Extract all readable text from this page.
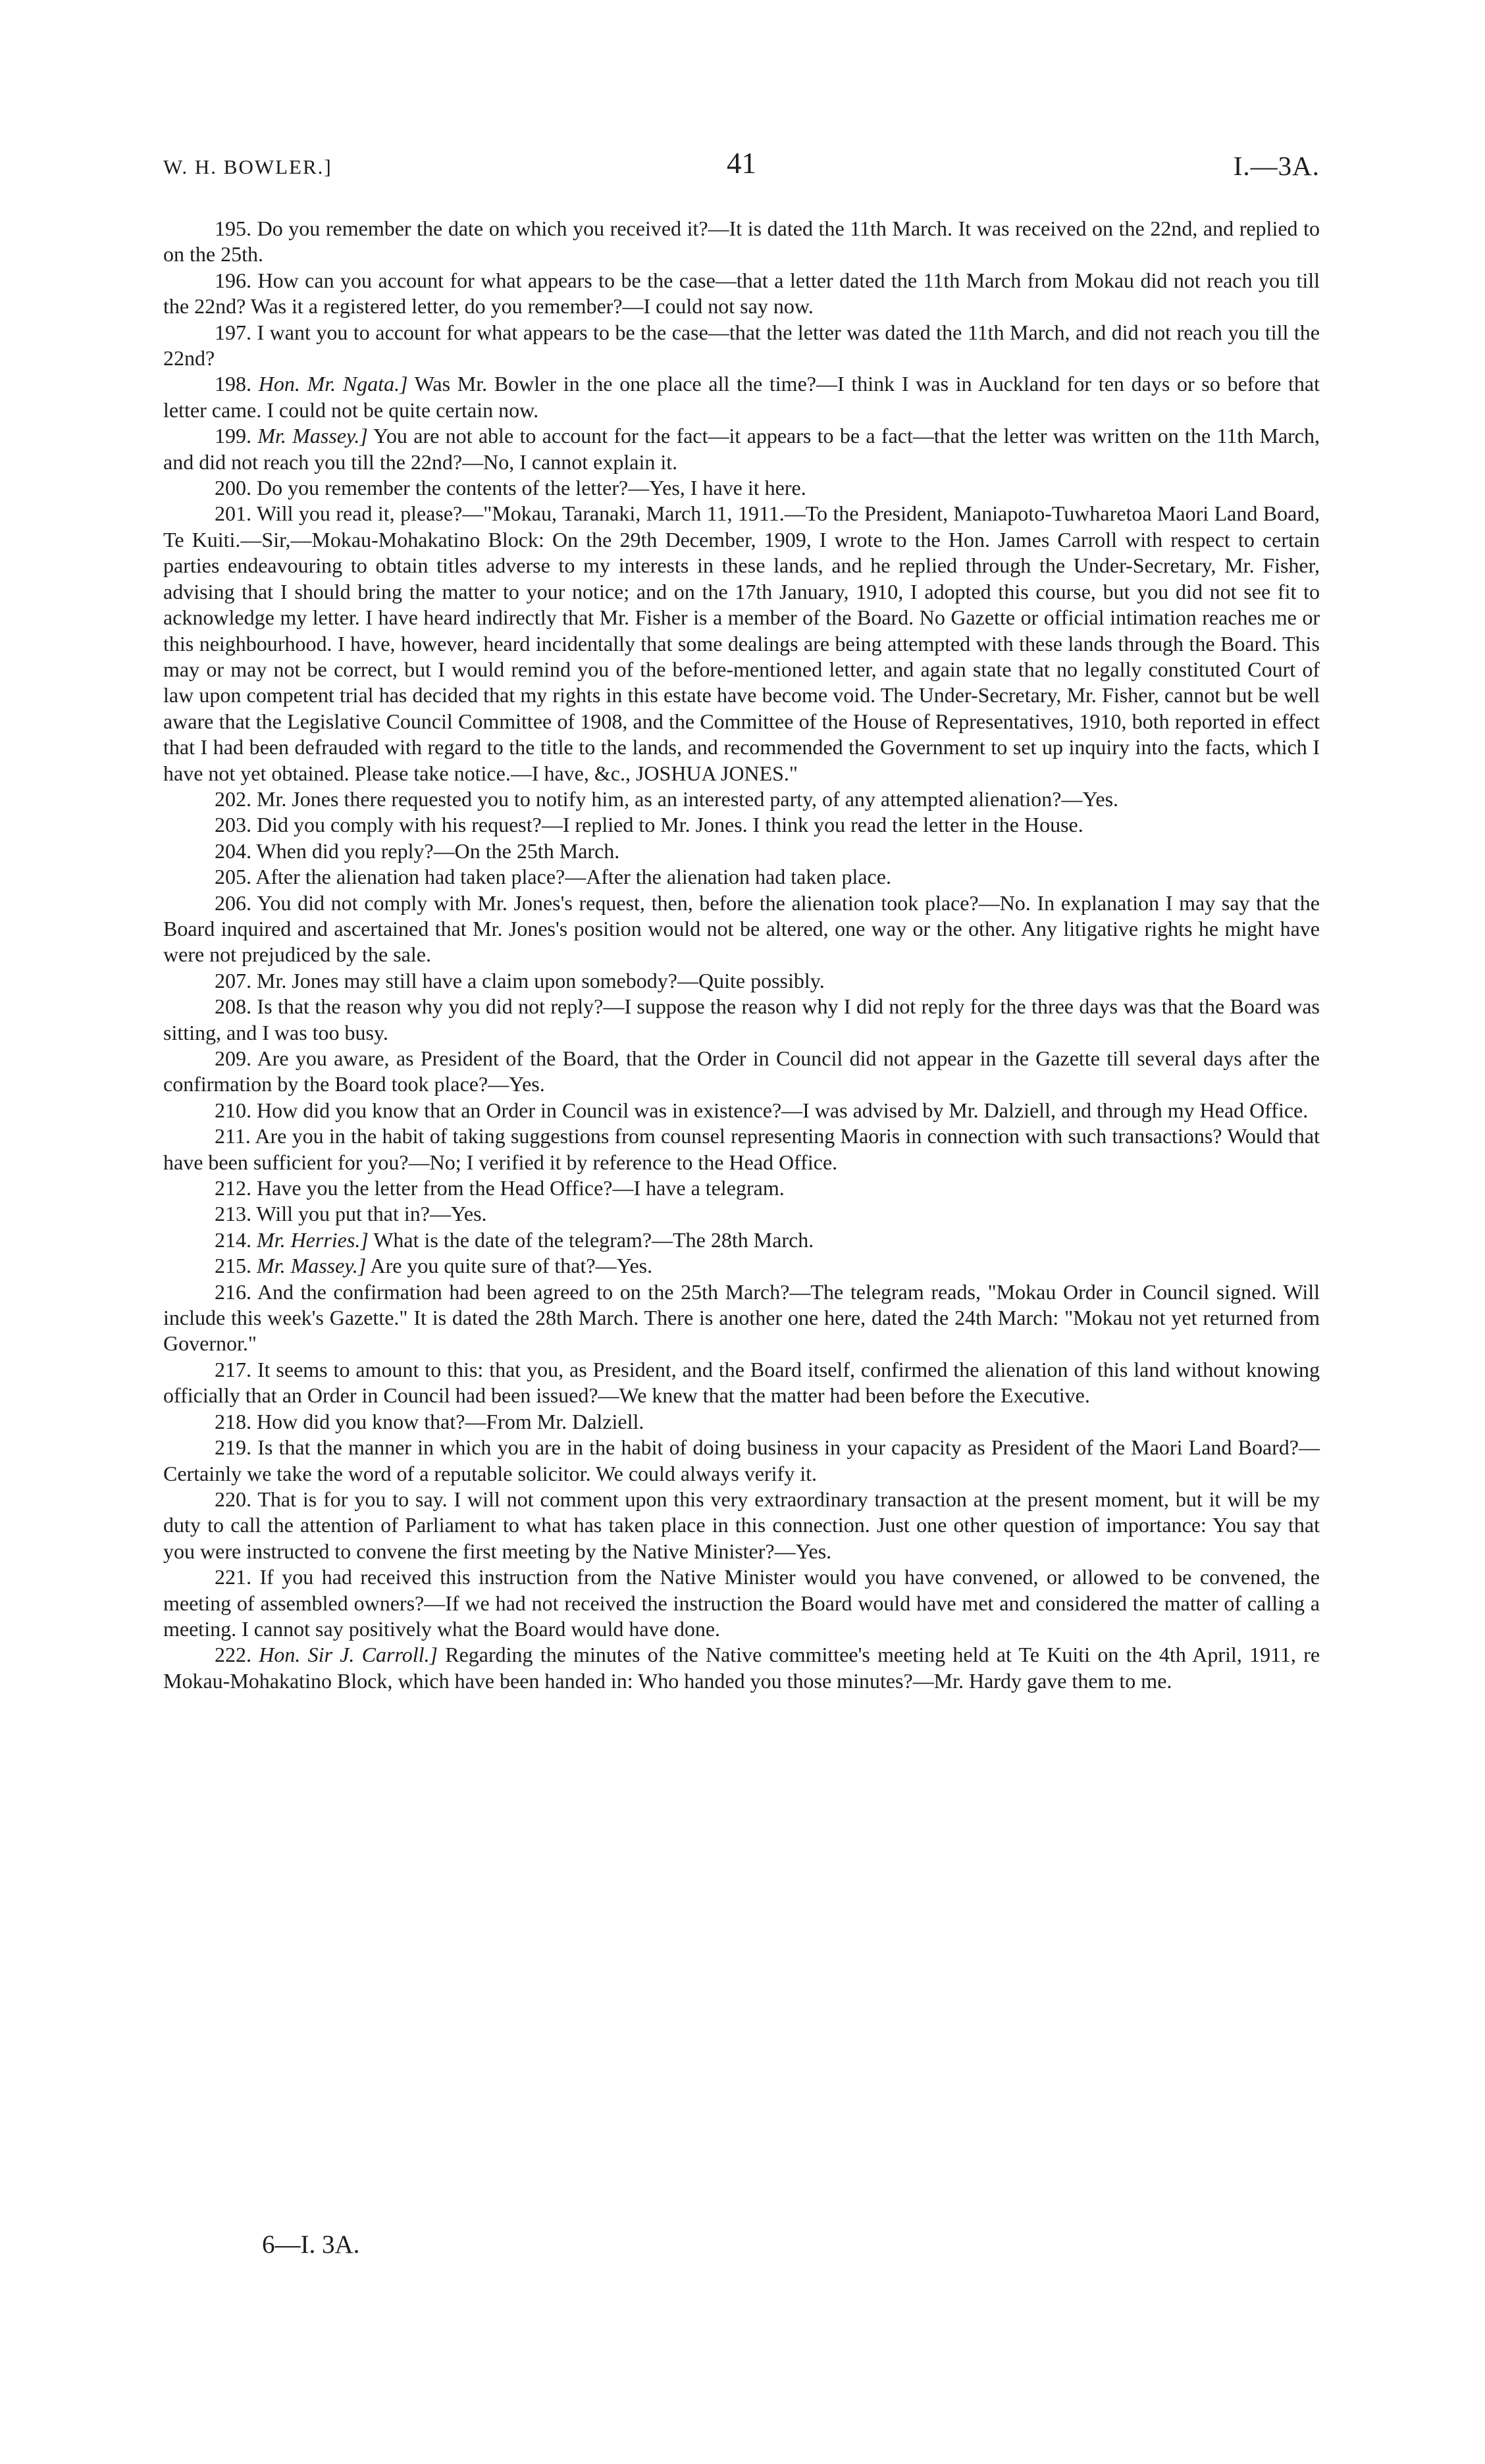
W. H. BOWLER.]	41	I.—3A.

195. Do you remember the date on which you received it?—It is dated the 11th March. It was received on the 22nd, and replied to on the 25th.

196. How can you account for what appears to be the case—that a letter dated the 11th March from Mokau did not reach you till the 22nd? Was it a registered letter, do you remember?—I could not say now.

197. I want you to account for what appears to be the case—that the letter was dated the 11th March, and did not reach you till the 22nd?

198. Hon. Mr. Ngata.] Was Mr. Bowler in the one place all the time?—I think I was in Auckland for ten days or so before that letter came. I could not be quite certain now.

199. Mr. Massey.] You are not able to account for the fact—it appears to be a fact—that the letter was written on the 11th March, and did not reach you till the 22nd?—No, I cannot explain it.

200. Do you remember the contents of the letter?—Yes, I have it here.

201. Will you read it, please?—"Mokau, Taranaki, March 11, 1911.—To the President, Maniapoto-Tuwharetoa Maori Land Board, Te Kuiti.—Sir,—Mokau-Mohakatino Block: On the 29th December, 1909, I wrote to the Hon. James Carroll with respect to certain parties endeavouring to obtain titles adverse to my interests in these lands, and he replied through the Under-Secretary, Mr. Fisher, advising that I should bring the matter to your notice; and on the 17th January, 1910, I adopted this course, but you did not see fit to acknowledge my letter. I have heard indirectly that Mr. Fisher is a member of the Board. No Gazette or official intimation reaches me or this neighbourhood. I have, however, heard incidentally that some dealings are being attempted with these lands through the Board. This may or may not be correct, but I would remind you of the before-mentioned letter, and again state that no legally constituted Court of law upon competent trial has decided that my rights in this estate have become void. The Under-Secretary, Mr. Fisher, cannot but be well aware that the Legislative Council Committee of 1908, and the Committee of the House of Representatives, 1910, both reported in effect that I had been defrauded with regard to the title to the lands, and recommended the Government to set up inquiry into the facts, which I have not yet obtained. Please take notice.—I have, &c., JOSHUA JONES."

202. Mr. Jones there requested you to notify him, as an interested party, of any attempted alienation?—Yes.

203. Did you comply with his request?—I replied to Mr. Jones. I think you read the letter in the House.

204. When did you reply?—On the 25th March.

205. After the alienation had taken place?—After the alienation had taken place.

206. You did not comply with Mr. Jones's request, then, before the alienation took place?—No. In explanation I may say that the Board inquired and ascertained that Mr. Jones's position would not be altered, one way or the other. Any litigative rights he might have were not prejudiced by the sale.

207. Mr. Jones may still have a claim upon somebody?—Quite possibly.

208. Is that the reason why you did not reply?—I suppose the reason why I did not reply for the three days was that the Board was sitting, and I was too busy.

209. Are you aware, as President of the Board, that the Order in Council did not appear in the Gazette till several days after the confirmation by the Board took place?—Yes.

210. How did you know that an Order in Council was in existence?—I was advised by Mr. Dalziell, and through my Head Office.

211. Are you in the habit of taking suggestions from counsel representing Maoris in connection with such transactions? Would that have been sufficient for you?—No; I verified it by reference to the Head Office.

212. Have you the letter from the Head Office?—I have a telegram.

213. Will you put that in?—Yes.

214. Mr. Herries.] What is the date of the telegram?—The 28th March.

215. Mr. Massey.] Are you quite sure of that?—Yes.

216. And the confirmation had been agreed to on the 25th March?—The telegram reads, "Mokau Order in Council signed. Will include this week's Gazette." It is dated the 28th March. There is another one here, dated the 24th March: "Mokau not yet returned from Governor."

217. It seems to amount to this: that you, as President, and the Board itself, confirmed the alienation of this land without knowing officially that an Order in Council had been issued?—We knew that the matter had been before the Executive.

218. How did you know that?—From Mr. Dalziell.

219. Is that the manner in which you are in the habit of doing business in your capacity as President of the Maori Land Board?—Certainly we take the word of a reputable solicitor. We could always verify it.

220. That is for you to say. I will not comment upon this very extraordinary transaction at the present moment, but it will be my duty to call the attention of Parliament to what has taken place in this connection. Just one other question of importance: You say that you were instructed to convene the first meeting by the Native Minister?—Yes.

221. If you had received this instruction from the Native Minister would you have convened, or allowed to be convened, the meeting of assembled owners?—If we had not received the instruction the Board would have met and considered the matter of calling a meeting. I cannot say positively what the Board would have done.

222. Hon. Sir J. Carroll.] Regarding the minutes of the Native committee's meeting held at Te Kuiti on the 4th April, 1911, re Mokau-Mohakatino Block, which have been handed in: Who handed you those minutes?—Mr. Hardy gave them to me.

6—I. 3A.
